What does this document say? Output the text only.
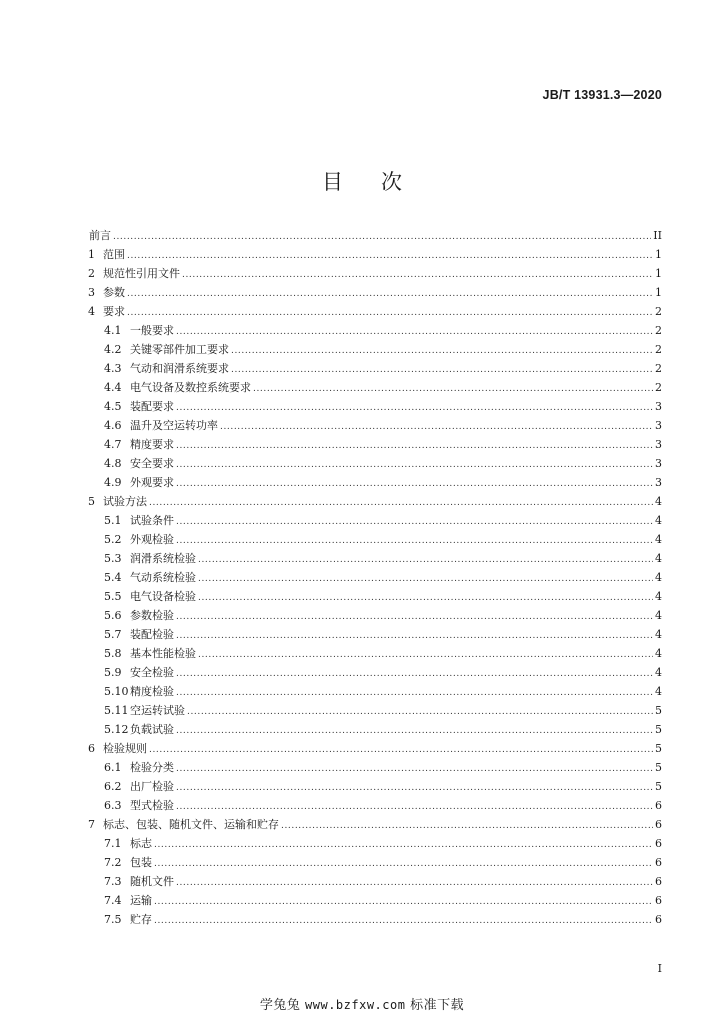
JB/T 13931.3—2020
目 次
前言 .....	II
1 范围 .....	1
2 规范性引用文件 .....	1
3 参数 .....	1
4 要求 .....	2
4.1 一般要求 .....	2
4.2 关键零部件加工要求 .....	2
4.3 气动和润滑系统要求 .....	2
4.4 电气设备及数控系统要求 .....	2
4.5 装配要求 .....	3
4.6 温升及空运转功率 .....	3
4.7 精度要求 .....	3
4.8 安全要求 .....	3
4.9 外观要求 .....	3
5 试验方法 .....	4
5.1 试验条件 .....	4
5.2 外观检验 .....	4
5.3 润滑系统检验 .....	4
5.4 气动系统检验 .....	4
5.5 电气设备检验 .....	4
5.6 参数检验 .....	4
5.7 装配检验 .....	4
5.8 基本性能检验 .....	4
5.9 安全检验 .....	4
5.10 精度检验 .....	4
5.11 空运转试验 .....	5
5.12 负载试验 .....	5
6 检验规则 .....	5
6.1 检验分类 .....	5
6.2 出厂检验 .....	5
6.3 型式检验 .....	6
7 标志、包装、随机文件、运输和贮存 .....	6
7.1 标志 .....	6
7.2 包装 .....	6
7.3 随机文件 .....	6
7.4 运输 .....	6
7.5 贮存 .....	6
I
学兔兔 www.bzfxw.com 标准下载
